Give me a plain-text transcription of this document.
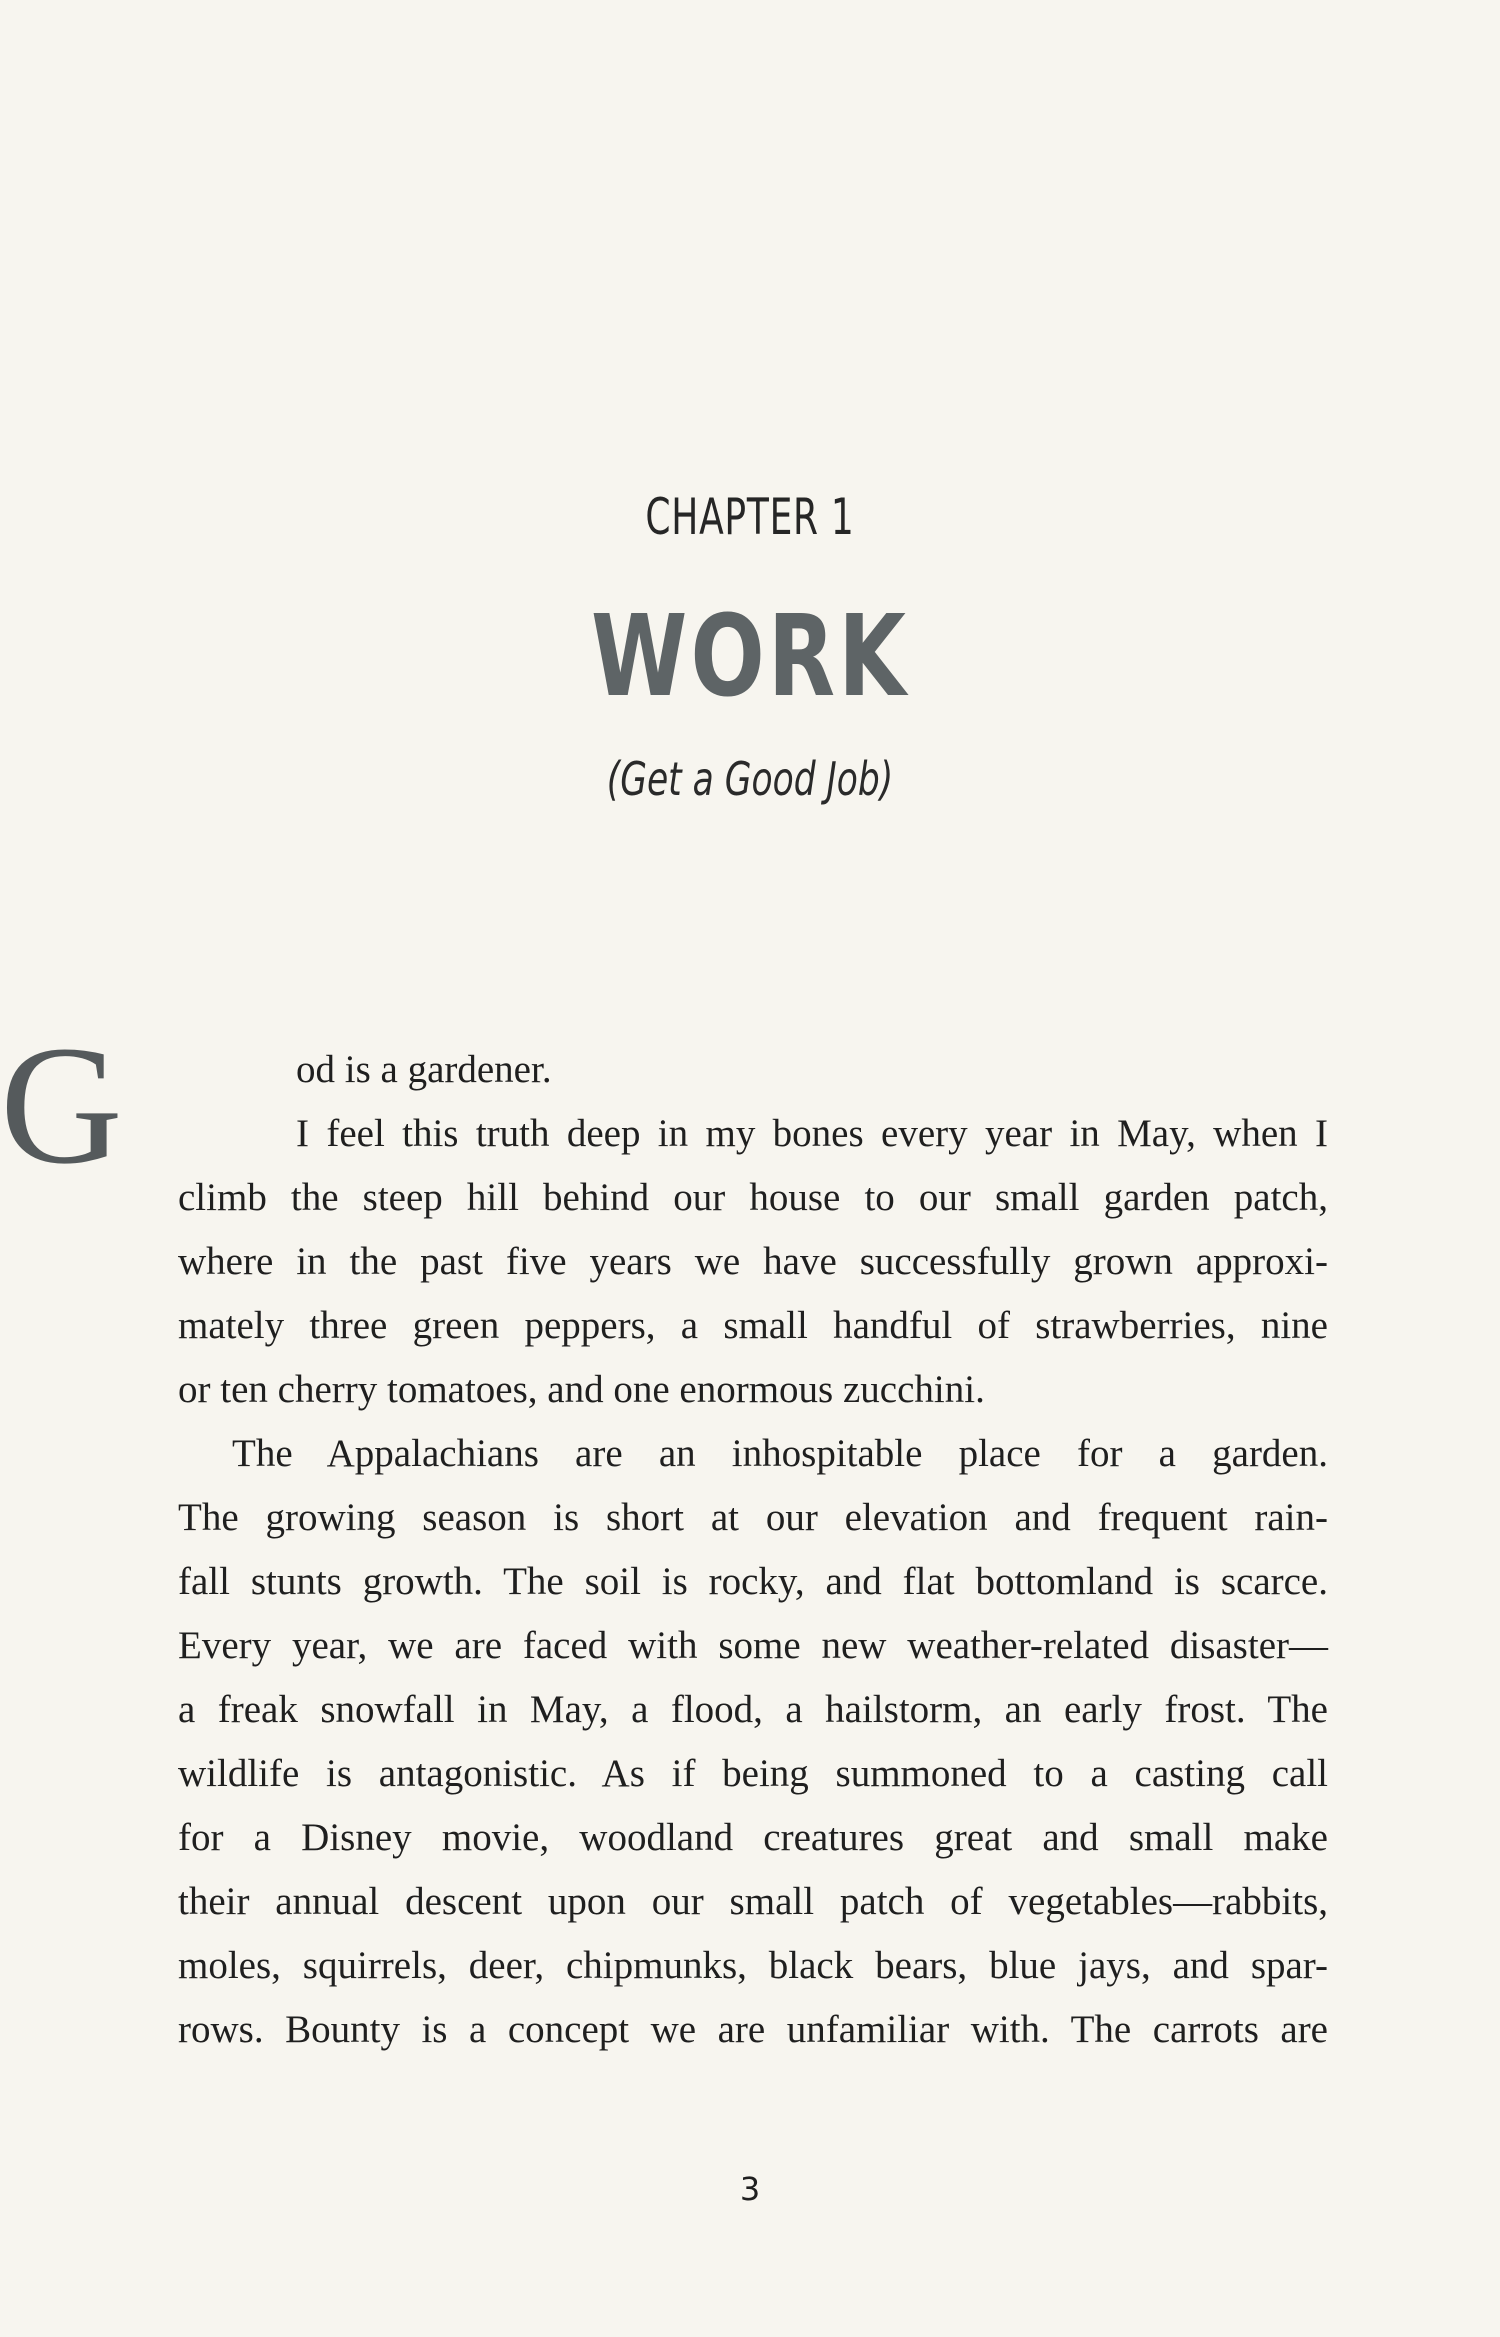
CHAPTER 1
WORK
(Get a Good Job)
G	od is a gardener.
I feel this truth deep in my bones every year in May, when I
climb the steep hill behind our house to our small garden patch,
where in the past five years we have successfully grown approxi-
mately three green peppers, a small handful of strawberries, nine
or ten cherry tomatoes, and one enormous zucchini.
The Appalachians are an inhospitable place for a garden.
The growing season is short at our elevation and frequent rain-
fall stunts growth. The soil is rocky, and flat bottomland is scarce.
Every year, we are faced with some new weather-related disaster—
a freak snowfall in May, a flood, a hailstorm, an early frost. The
wildlife is antagonistic. As if being summoned to a casting call
for a Disney movie, woodland creatures great and small make
their annual descent upon our small patch of vegetables—rabbits,
moles, squirrels, deer, chipmunks, black bears, blue jays, and spar-
rows. Bounty is a concept we are unfamiliar with. The carrots are
3
